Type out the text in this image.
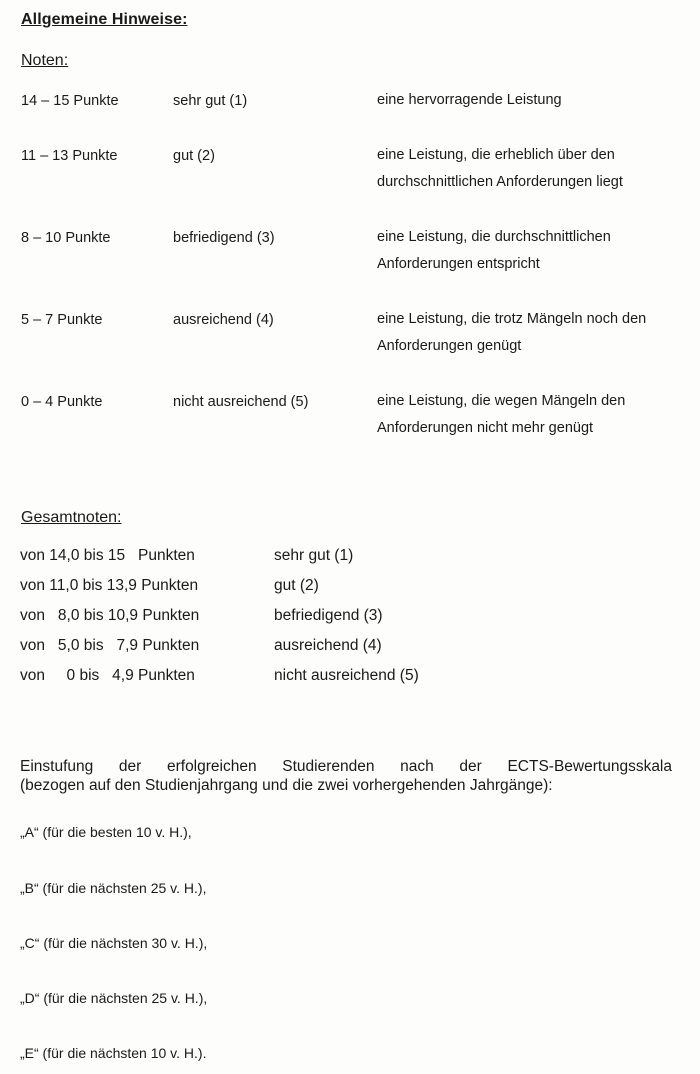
Allgemeine Hinweise:
Noten:
14 – 15 Punkte	sehr gut (1)	eine hervorragende Leistung
11 – 13 Punkte	gut (2)	eine Leistung, die erheblich über den durchschnittlichen Anforderungen liegt
8 – 10 Punkte	befriedigend (3)	eine Leistung, die durchschnittlichen Anforderungen entspricht
5 – 7 Punkte	ausreichend (4)	eine Leistung, die trotz Mängeln noch den Anforderungen genügt
0 – 4 Punkte	nicht ausreichend (5)	eine Leistung, die wegen Mängeln den Anforderungen nicht mehr genügt
Gesamtnoten:
von 14,0 bis 15   Punkten	sehr gut (1)
von 11,0 bis 13,9 Punkten	gut (2)
von   8,0 bis 10,9 Punkten	befriedigend (3)
von   5,0 bis   7,9 Punkten	ausreichend (4)
von     0 bis   4,9 Punkten	nicht ausreichend (5)
Einstufung der erfolgreichen Studierenden nach der ECTS-Bewertungsskala
(bezogen auf den Studienjahrgang und die zwei vorhergehenden Jahrgänge):
„A“ (für die besten 10 v. H.),
„B“ (für die nächsten 25 v. H.),
„C“ (für die nächsten 30 v. H.),
„D“ (für die nächsten 25 v. H.),
„E“ (für die nächsten 10 v. H.).
